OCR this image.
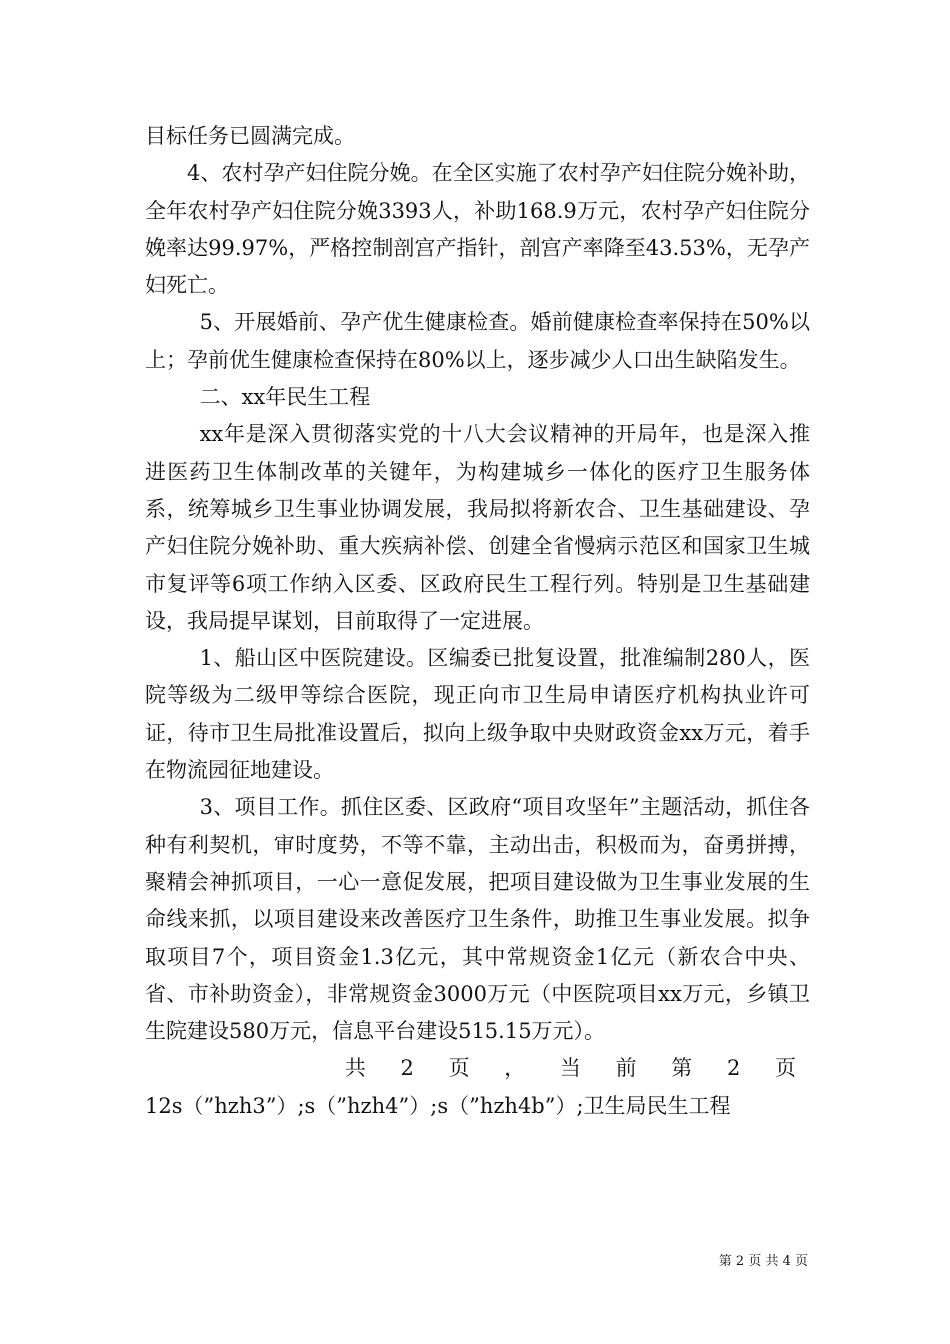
目标任务已圆满完成。

4、农村孕产妇住院分娩。在全区实施了农村孕产妇住院分娩补助，全年农村孕产妇住院分娩3393人，补助168.9万元，农村孕产妇住院分娩率达99.97%，严格控制剖宫产指针，剖宫产率降至43.53%，无孕产妇死亡。

5、开展婚前、孕产优生健康检查。婚前健康检查率保持在50%以上；孕前优生健康检查保持在80%以上，逐步减少人口出生缺陷发生。

二、xx年民生工程

xx年是深入贯彻落实党的十八大会议精神的开局年，也是深入推进医药卫生体制改革的关键年，为构建城乡一体化的医疗卫生服务体系，统筹城乡卫生事业协调发展，我局拟将新农合、卫生基础建设、孕产妇住院分娩补助、重大疾病补偿、创建全省慢病示范区和国家卫生城市复评等6项工作纳入区委、区政府民生工程行列。特别是卫生基础建设，我局提早谋划，目前取得了一定进展。

1、船山区中医院建设。区编委已批复设置，批准编制280人，医院等级为二级甲等综合医院，现正向市卫生局申请医疗机构执业许可证，待市卫生局批准设置后，拟向上级争取中央财政资金xx万元，着手在物流园征地建设。

3、项目工作。抓住区委、区政府“项目攻坚年”主题活动，抓住各种有利契机，审时度势，不等不靠，主动出击，积极而为，奋勇拼搏，聚精会神抓项目，一心一意促发展，把项目建设做为卫生事业发展的生命线来抓，以项目建设来改善医疗卫生条件，助推卫生事业发展。拟争取项目7个，项目资金1.3亿元，其中常规资金1亿元（新农合中央、省、市补助资金），非常规资金3000万元（中医院项目xx万元，乡镇卫生院建设580万元，信息平台建设515.15万元）。

共 2 页 ， 当 前 第 2 页

12s（”hzh3”）;s（”hzh4”）;s（”hzh4b”）;卫生局民生工程

第 2 页 共 4 页
